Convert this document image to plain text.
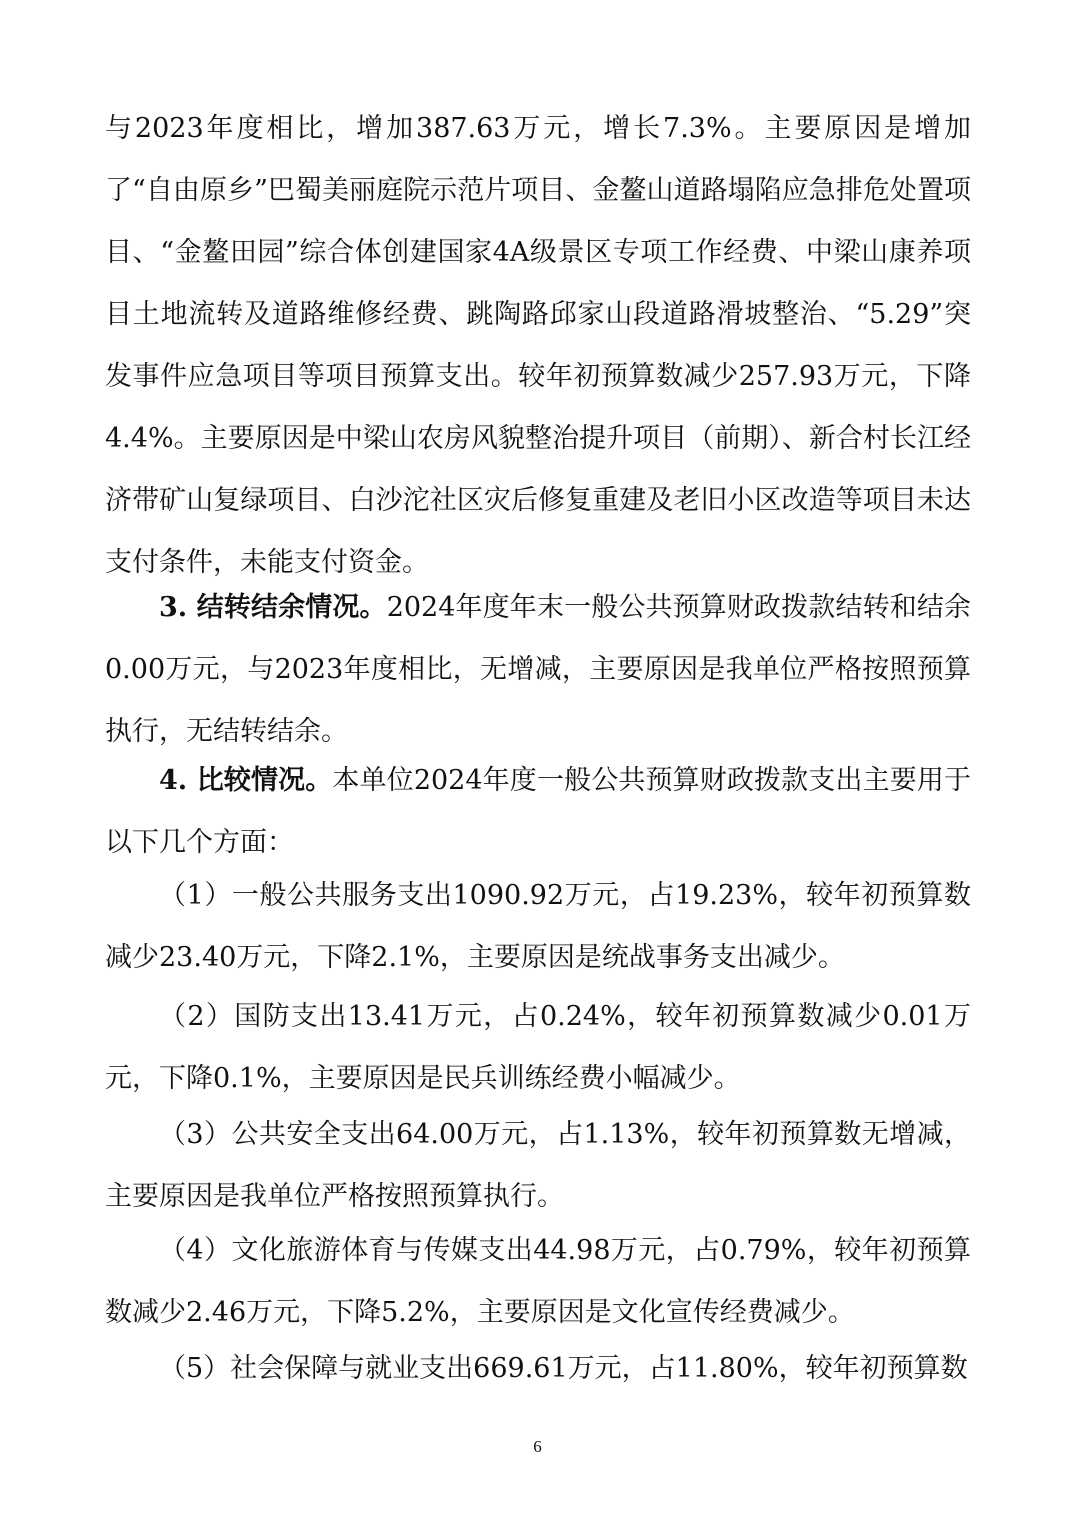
与2023年度相比，增加387.63万元，增长7.3%。主要原因是增加了“自由原乡”巴蜀美丽庭院示范片项目、金鳌山道路塌陷应急排危处置项目、“金鳌田园”综合体创建国家4A级景区专项工作经费、中梁山康养项目土地流转及道路维修经费、跳陶路邱家山段道路滑坡整治、“5.29”突发事件应急项目等项目预算支出。较年初预算数减少257.93万元，下降4.4%。主要原因是中梁山农房风貌整治提升项目（前期）、新合村长江经济带矿山复绿项目、白沙沱社区灾后修复重建及老旧小区改造等项目未达支付条件，未能支付资金。

3. 结转结余情况。2024年度年末一般公共预算财政拨款结转和结余0.00万元，与2023年度相比，无增减，主要原因是我单位严格按照预算执行，无结转结余。

4. 比较情况。本单位2024年度一般公共预算财政拨款支出主要用于以下几个方面：

（1）一般公共服务支出1090.92万元，占19.23%，较年初预算数减少23.40万元，下降2.1%，主要原因是统战事务支出减少。

（2）国防支出13.41万元，占0.24%，较年初预算数减少0.01万元，下降0.1%，主要原因是民兵训练经费小幅减少。

（3）公共安全支出64.00万元，占1.13%，较年初预算数无增减，主要原因是我单位严格按照预算执行。

（4）文化旅游体育与传媒支出44.98万元，占0.79%，较年初预算数减少2.46万元，下降5.2%，主要原因是文化宣传经费减少。

（5）社会保障与就业支出669.61万元，占11.80%，较年初预算数

6
